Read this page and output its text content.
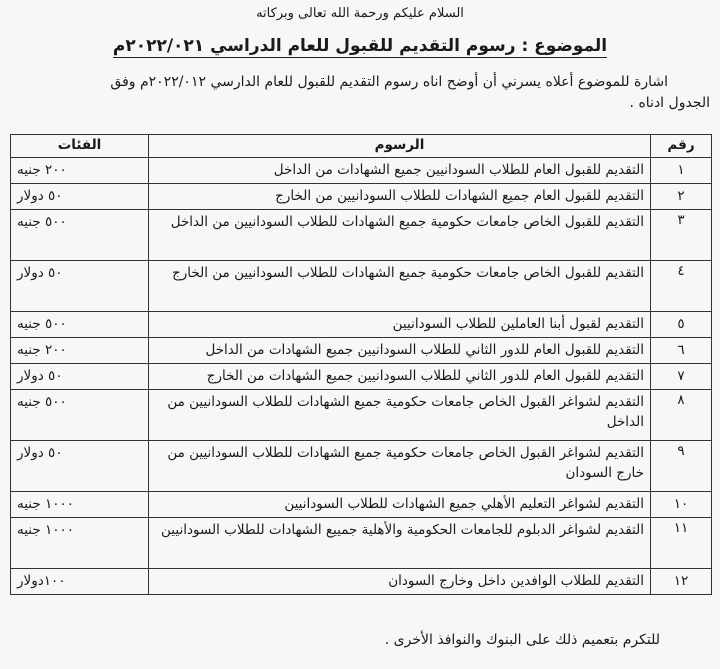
السلام عليكم ورحمة الله تعالى وبركاته
الموضوع : رسوم التقديم للقبول للعام الدراسي ٢٠٢٢/٠٢١م
اشارة للموضوع أعلاه يسرني أن أوضح اناه رسوم التقديم للقبول للعام الدارسي ٢٠٢٢/٠١٢م وفق
الجدول ادناه .
رقم	الرسوم	الفئات
١	التقديم للقبول العام للطلاب السودانيين جميع الشهادات من الداخل	٢٠٠ جنيه

٢	التقديم للقبول العام جميع الشهادات للطلاب السودانيين من الخارج	٥٠ دولار

٣	التقديم للقبول الخاص جامعات حكومية جميع الشهادات للطلاب السودانيين من الداخل	٥٠٠ جنيه

٤	التقديم للقبول الخاص جامعات حكومية جميع الشهادات للطلاب السودانيين من الخارج	٥٠ دولار

٥	التقديم لقبول أبنا العاملين للطلاب السودانيين	٥٠٠ جنيه

٦	التقديم للقبول العام للدور الثاني للطلاب السودانيين جميع الشهادات من الداخل	٢٠٠ جنيه

٧	التقديم للقبول العام للدور الثاني للطلاب السودانيين جميع الشهادات من الخارج	٥٠ دولار

٨	التقديم لشواغر القبول الخاص جامعات حكومية جميع الشهادات للطلاب السودانيين من الداخل	٥٠٠ جنيه

٩	التقديم لشواغر القبول الخاص جامعات حكومية جميع الشهادات للطلاب السودانيين من خارج السودان	٥٠ دولار

١٠	التقديم لشواغر التعليم الأهلي جميع الشهادات للطلاب السودانيين	١٠٠٠ جنيه

١١	التقديم لشواغر الدبلوم للجامعات الحكومية والأهلية جمييع الشهادات للطلاب السودانيين	١٠٠٠ جنيه

١٢	التقديم للطلاب الوافدين داخل وخارج السودان	١٠٠دولار
للتكرم بتعميم ذلك على البنوك والنوافذ الأخرى .
